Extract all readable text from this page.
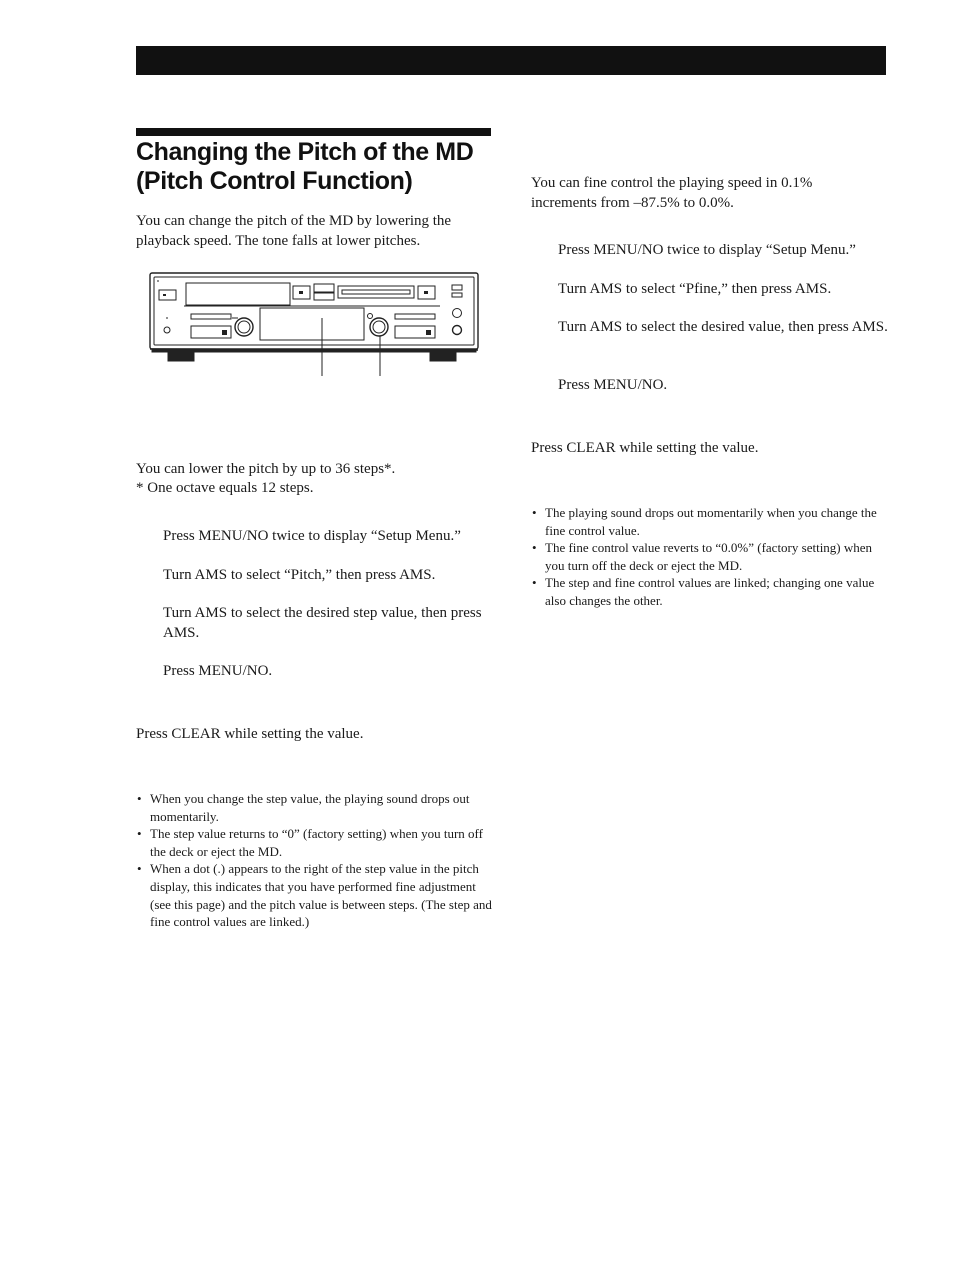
Changing the Pitch of the MD (Pitch Control Function)

You can change the pitch of the MD by lowering the playback speed. The tone falls at lower pitches.

You can lower the pitch by up to 36 steps*.

* One octave equals 12 steps.

Press MENU/NO twice to display “Setup Menu.”

Turn AMS to select “Pitch,” then press AMS.

Turn AMS to select the desired step value, then press AMS.

Press MENU/NO.

Press CLEAR while setting the value.

• When you change the step value, the playing sound drops out momentarily.
• The step value returns to “0” (factory setting) when you turn off the deck or eject the MD.
• When a dot (.) appears to the right of the step value in the pitch display, this indicates that you have performed fine adjustment (see this page) and the pitch value is between steps. (The step and fine control values are linked.)

You can fine control the playing speed in 0.1% increments from –87.5% to 0.0%.

Press MENU/NO twice to display “Setup Menu.”

Turn AMS to select “Pfine,” then press AMS.

Turn AMS to select the desired value, then press AMS.

Press MENU/NO.

Press CLEAR while setting the value.

• The playing sound drops out momentarily when you change the fine control value.
• The fine control value reverts to “0.0%” (factory setting) when you turn off the deck or eject the MD.
• The step and fine control values are linked; changing one value also changes the other.
